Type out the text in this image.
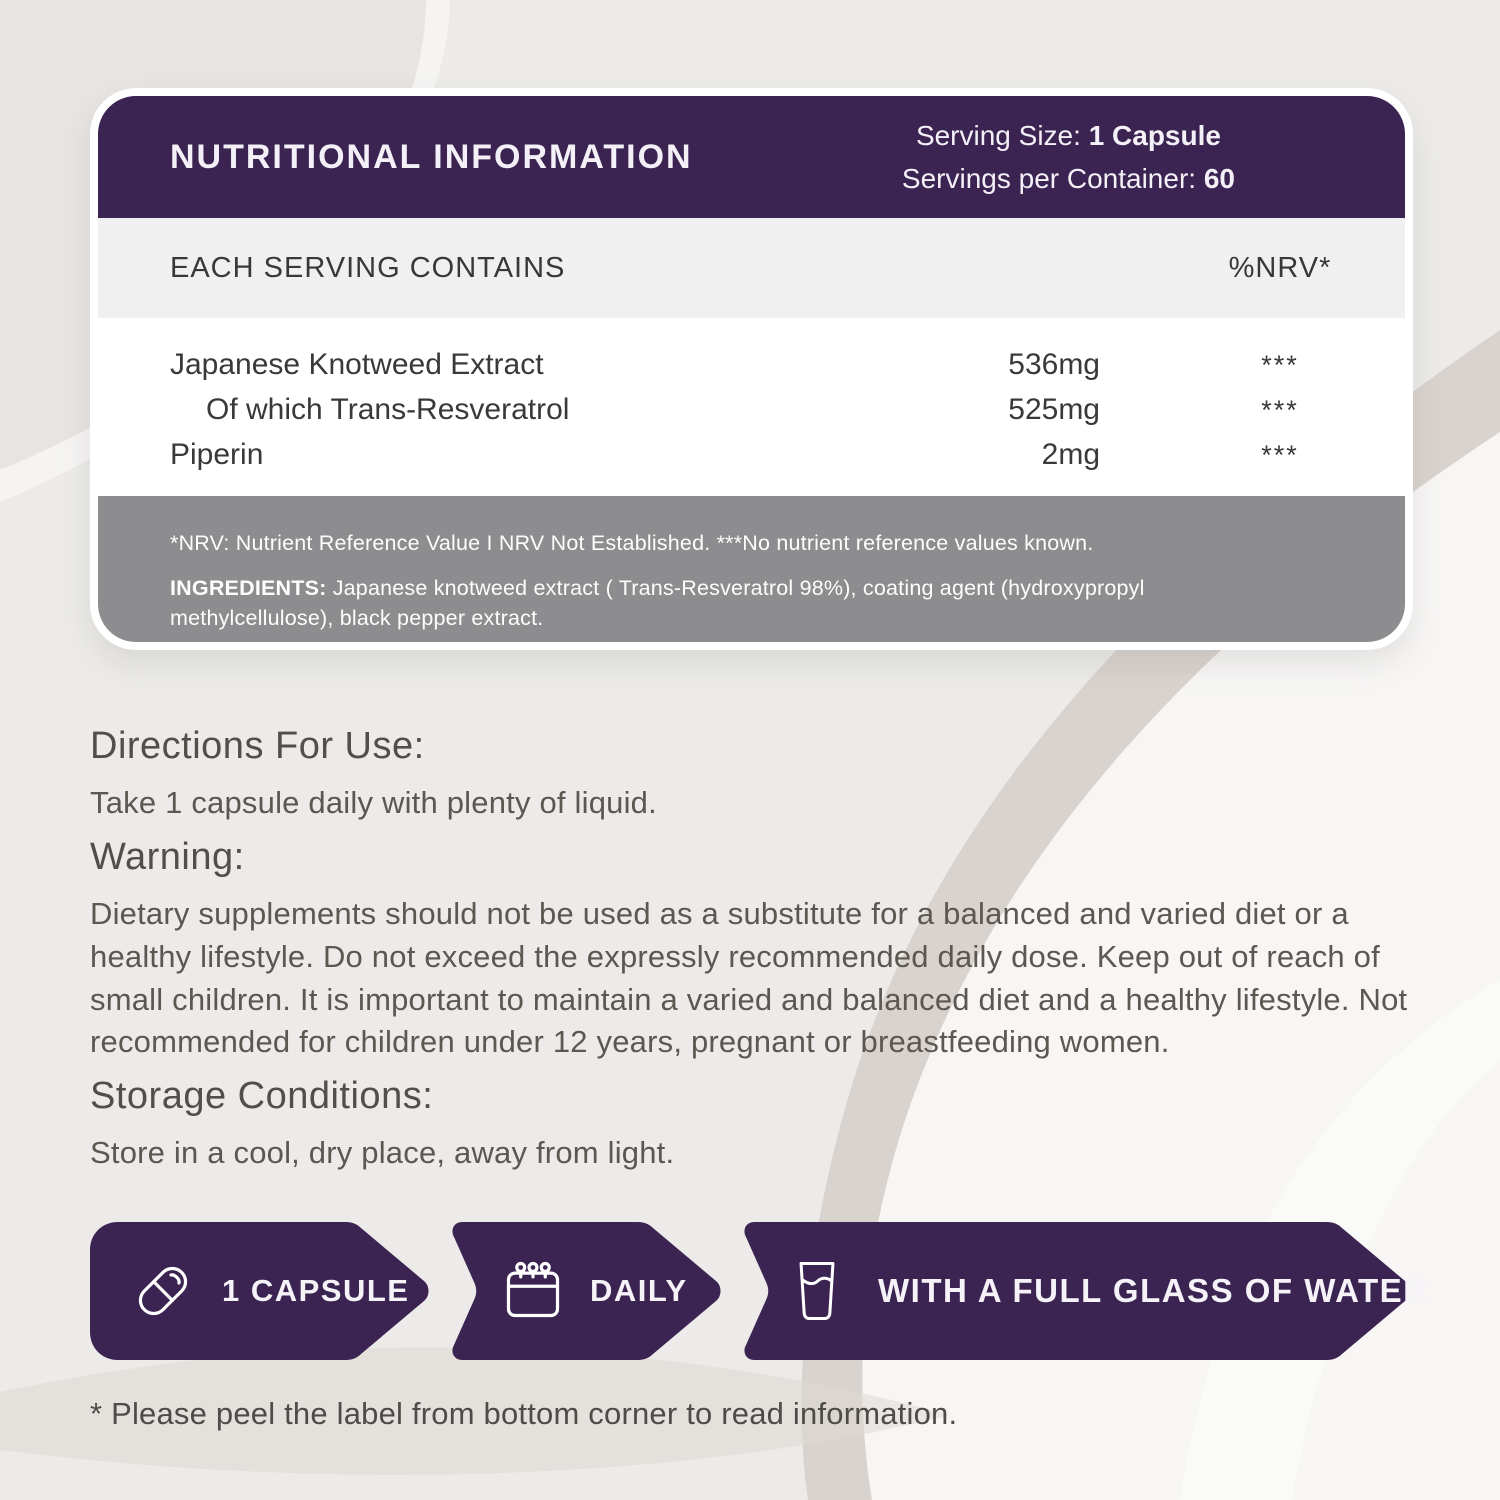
NUTRITIONAL INFORMATION
Serving Size: 1 Capsule
Servings per Container: 60
EACH SERVING CONTAINS	%NRV*
Japanese Knotweed Extract	536mg	***
Of which Trans-Resveratrol	525mg	***
Piperin	2mg	***

*NRV: Nutrient Reference Value I NRV Not Established. ***No nutrient reference values known.

INGREDIENTS: Japanese knotweed extract ( Trans-Resveratrol 98%), coating agent (hydroxypropyl methylcellulose), black pepper extract.

Directions For Use:

Take 1 capsule daily with plenty of liquid.

Warning:

Dietary supplements should not be used as a substitute for a balanced and varied diet or a healthy lifestyle. Do not exceed the expressly recommended daily dose. Keep out of reach of small children. It is important to maintain a varied and balanced diet and a healthy lifestyle. Not recommended for children under 12 years, pregnant or breastfeeding women.

Storage Conditions:

Store in a cool, dry place, away from light.

1 CAPSULE	DAILY	WITH A FULL GLASS OF WATER

* Please peel the label from bottom corner to read information.
